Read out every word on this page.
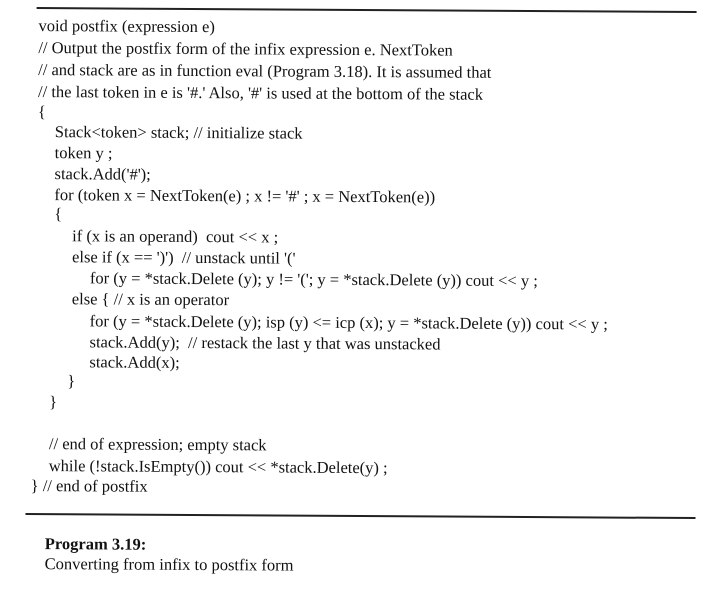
void postfix (expression e)
// Output the postfix form of the infix expression e. NextToken
// and stack are as in function eval (Program 3.18). It is assumed that
// the last token in e is '#.' Also, '#' is used at the bottom of the stack
{
Stack<token> stack; // initialize stack
token y ;
stack.Add('#');
for (token x = NextToken(e) ; x != '#' ; x = NextToken(e))
{
if (x is an operand)  cout << x ;
else if (x == ')')  // unstack until '('
for (y = *stack.Delete (y); y != '('; y = *stack.Delete (y)) cout << y ;
else { // x is an operator
for (y = *stack.Delete (y); isp (y) <= icp (x); y = *stack.Delete (y)) cout << y ;
stack.Add(y);  // restack the last y that was unstacked
stack.Add(x);
}
}
// end of expression; empty stack
while (!stack.IsEmpty()) cout << *stack.Delete(y) ;
} // end of postfix

Program 3.19:
Converting from infix to postfix form
